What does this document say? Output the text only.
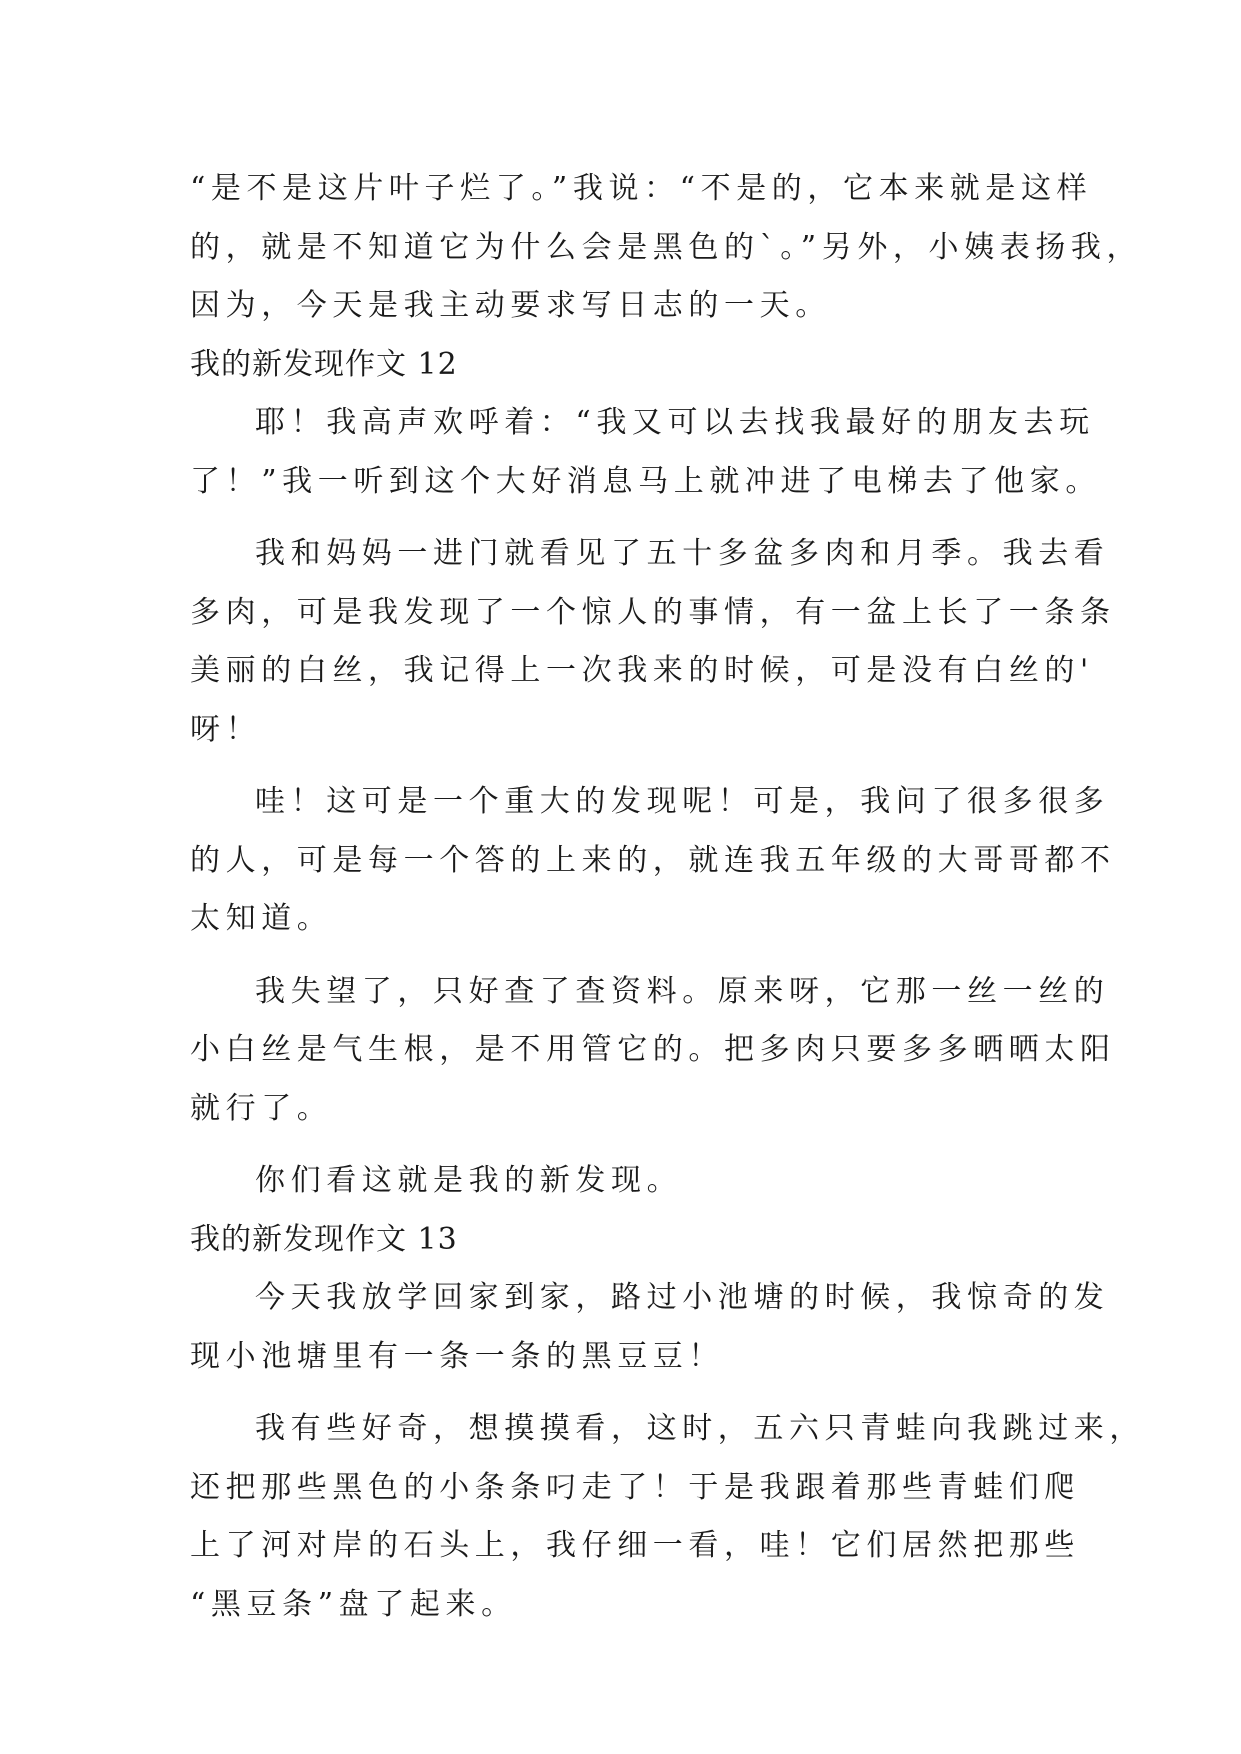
“是不是这片叶子烂了。”我说：“不是的，它本来就是这样
的，就是不知道它为什么会是黑色的`。”另外，小姨表扬我，
因为，今天是我主动要求写日志的一天。
我的新发现作文 12
耶！我高声欢呼着：“我又可以去找我最好的朋友去玩
了！”我一听到这个大好消息马上就冲进了电梯去了他家。
我和妈妈一进门就看见了五十多盆多肉和月季。我去看
多肉，可是我发现了一个惊人的事情，有一盆上长了一条条
美丽的白丝，我记得上一次我来的时候，可是没有白丝的'
呀！
哇！这可是一个重大的发现呢！可是，我问了很多很多
的人，可是每一个答的上来的，就连我五年级的大哥哥都不
太知道。
我失望了，只好查了查资料。原来呀，它那一丝一丝的
小白丝是气生根，是不用管它的。把多肉只要多多晒晒太阳
就行了。
你们看这就是我的新发现。
我的新发现作文 13
今天我放学回家到家，路过小池塘的时候，我惊奇的发
现小池塘里有一条一条的黑豆豆！
我有些好奇，想摸摸看，这时，五六只青蛙向我跳过来，
还把那些黑色的小条条叼走了！于是我跟着那些青蛙们爬
上了河对岸的石头上，我仔细一看，哇！它们居然把那些
“黑豆条”盘了起来。
